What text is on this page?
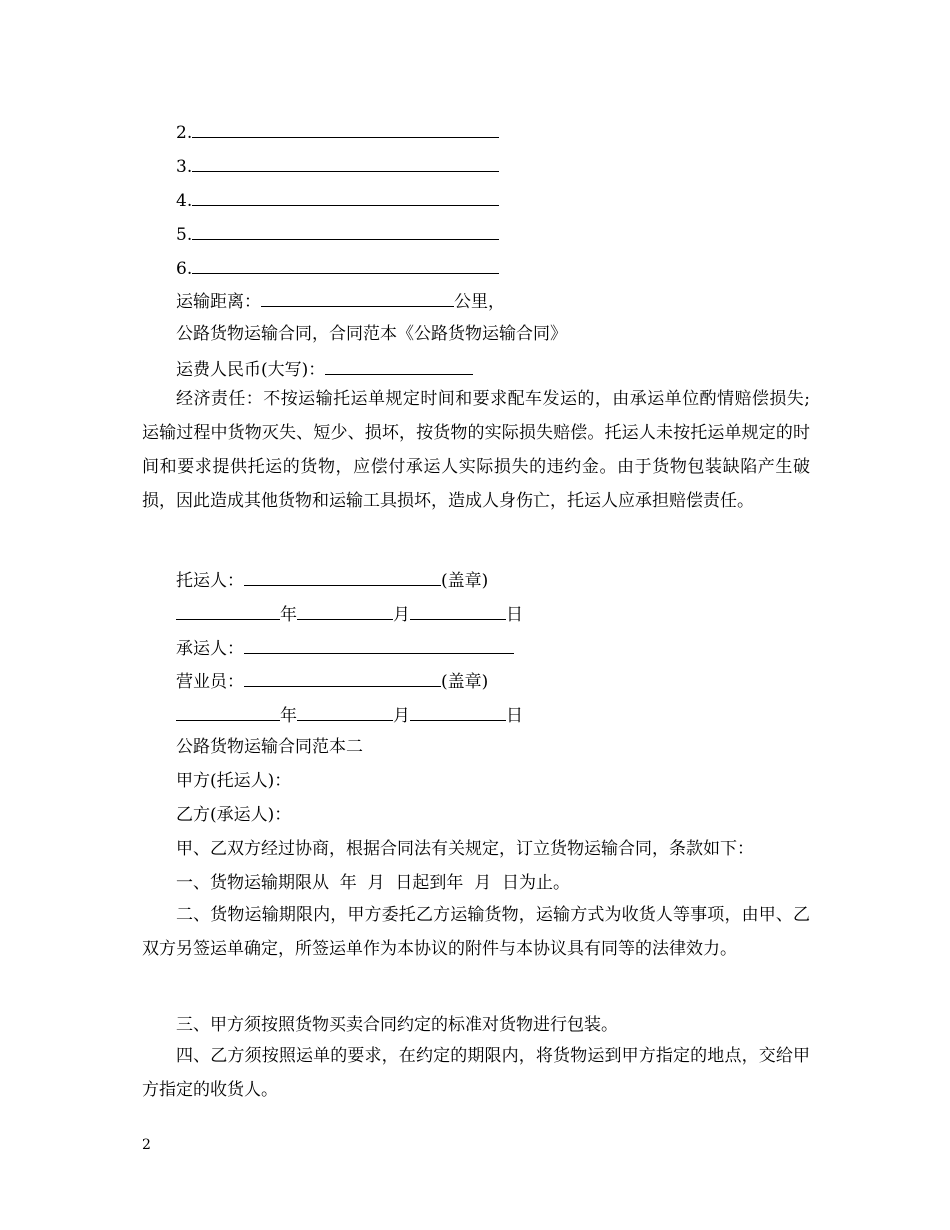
2.
3.
4.
5.
6.
运输距离：	公里，
公路货物运输合同，合同范本《公路货物运输合同》
运费人民币(大写)：
经济责任：不按运输托运单规定时间和要求配车发运的，由承运单位酌情赔偿损失;运输过程中货物灭失、短少、损坏，按货物的实际损失赔偿。托运人未按托运单规定的时间和要求提供托运的货物，应偿付承运人实际损失的违约金。由于货物包装缺陷产生破损，因此造成其他货物和运输工具损坏，造成人身伤亡，托运人应承担赔偿责任。
托运人：	(盖章)
年	月	日
承运人：
营业员：	(盖章)
年	月	日
公路货物运输合同范本二
甲方(托运人)：
乙方(承运人)：
甲、乙双方经过协商，根据合同法有关规定，订立货物运输合同，条款如下：
一、货物运输期限从  年  月  日起到年  月  日为止。
二、货物运输期限内，甲方委托乙方运输货物，运输方式为收货人等事项，由甲、乙双方另签运单确定，所签运单作为本协议的附件与本协议具有同等的法律效力。
三、甲方须按照货物买卖合同约定的标准对货物进行包装。
四、乙方须按照运单的要求，在约定的期限内，将货物运到甲方指定的地点，交给甲方指定的收货人。
2
